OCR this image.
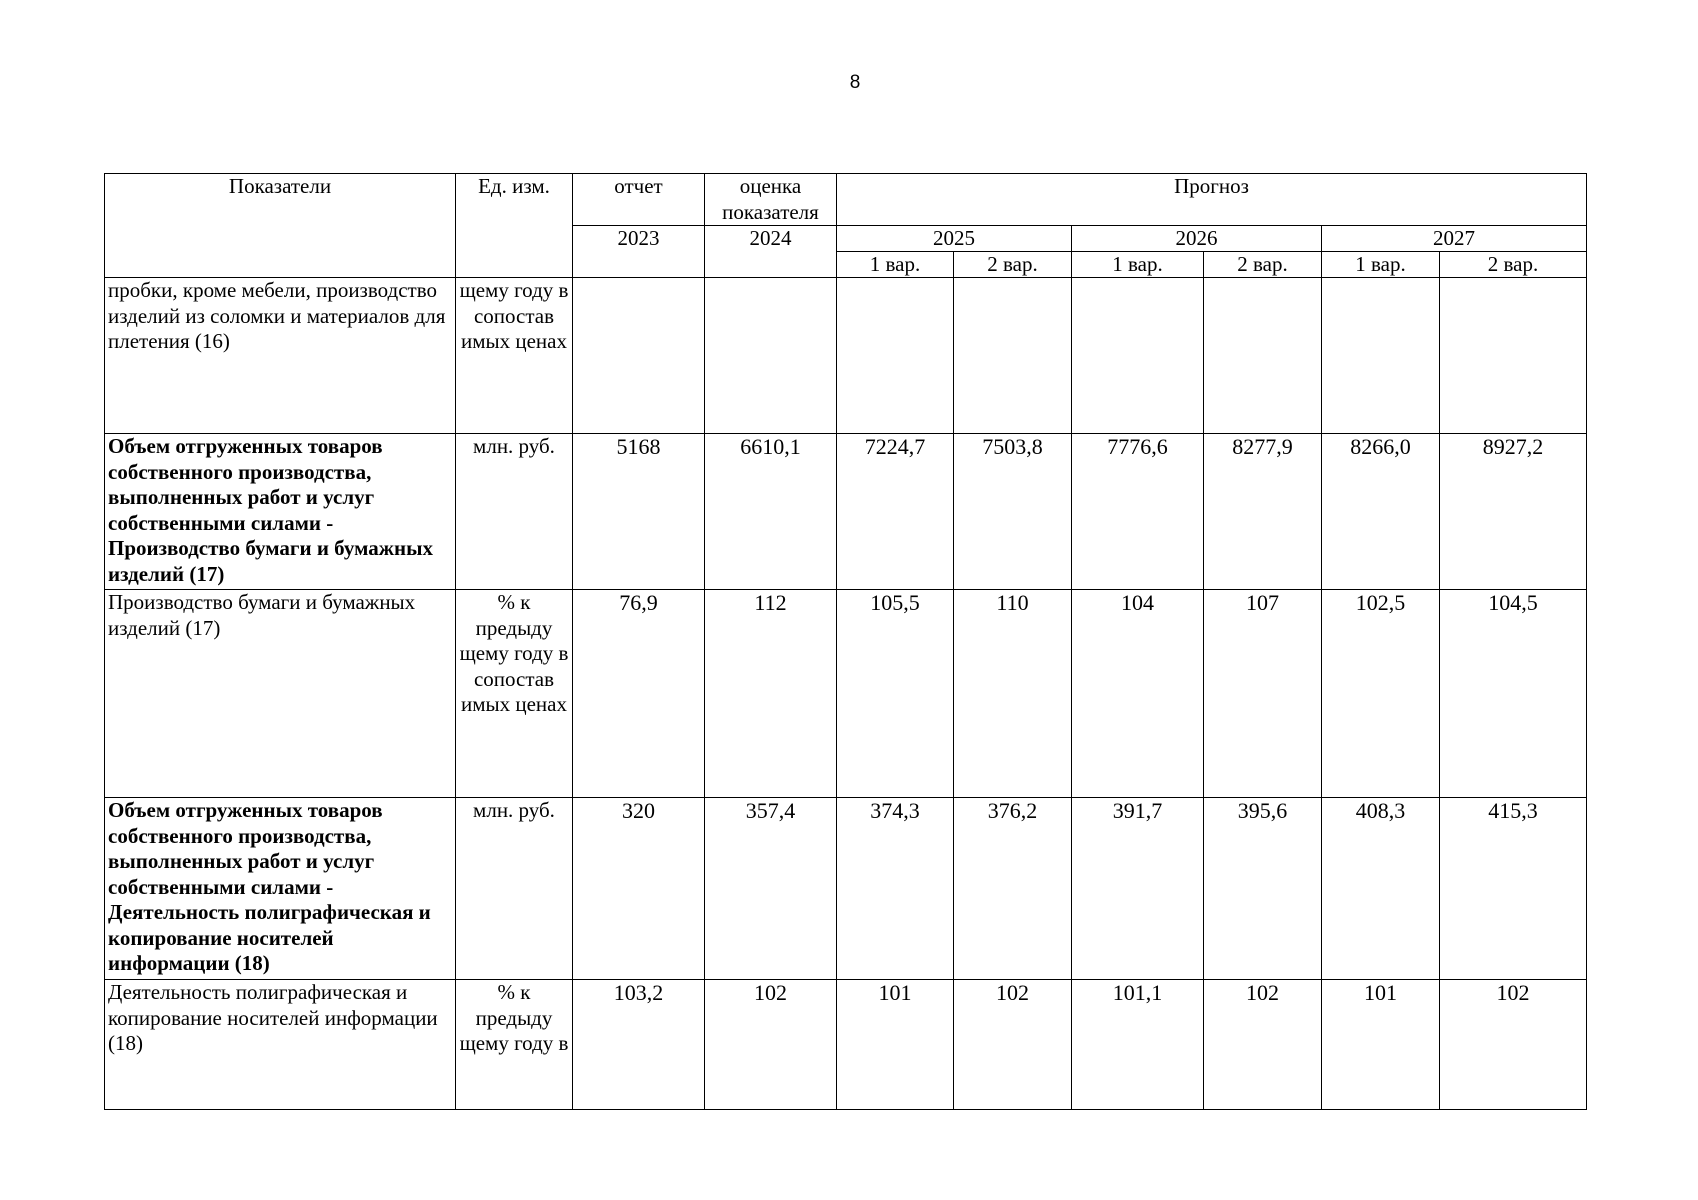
8
Показатели	Ед. изм.	отчет	оценка показателя	Прогноз					
		2023	2024	2025		2026		2027	
				1 вар.	2 вар.	1 вар.	2 вар.	1 вар.	2 вар.
пробки, кроме мебели, производство изделий из соломки и материалов для плетения (16)	щему году в сопостав имых ценах								
Объем отгруженных товаров собственного производства, выполненных работ и услуг собственными силами - Производство бумаги и бумажных изделий (17)	млн. руб.	5168	6610,1	7224,7	7503,8	7776,6	8277,9	8266,0	8927,2
Производство бумаги и бумажных изделий (17)	% к предыду щему году в сопостав имых ценах	76,9	112	105,5	110	104	107	102,5	104,5
Объем отгруженных товаров собственного производства, выполненных работ и услуг собственными силами - Деятельность полиграфическая и копирование носителей информации (18)	млн. руб.	320	357,4	374,3	376,2	391,7	395,6	408,3	415,3
Деятельность полиграфическая и копирование носителей информации (18)	% к предыду щему году в	103,2	102	101	102	101,1	102	101	102
